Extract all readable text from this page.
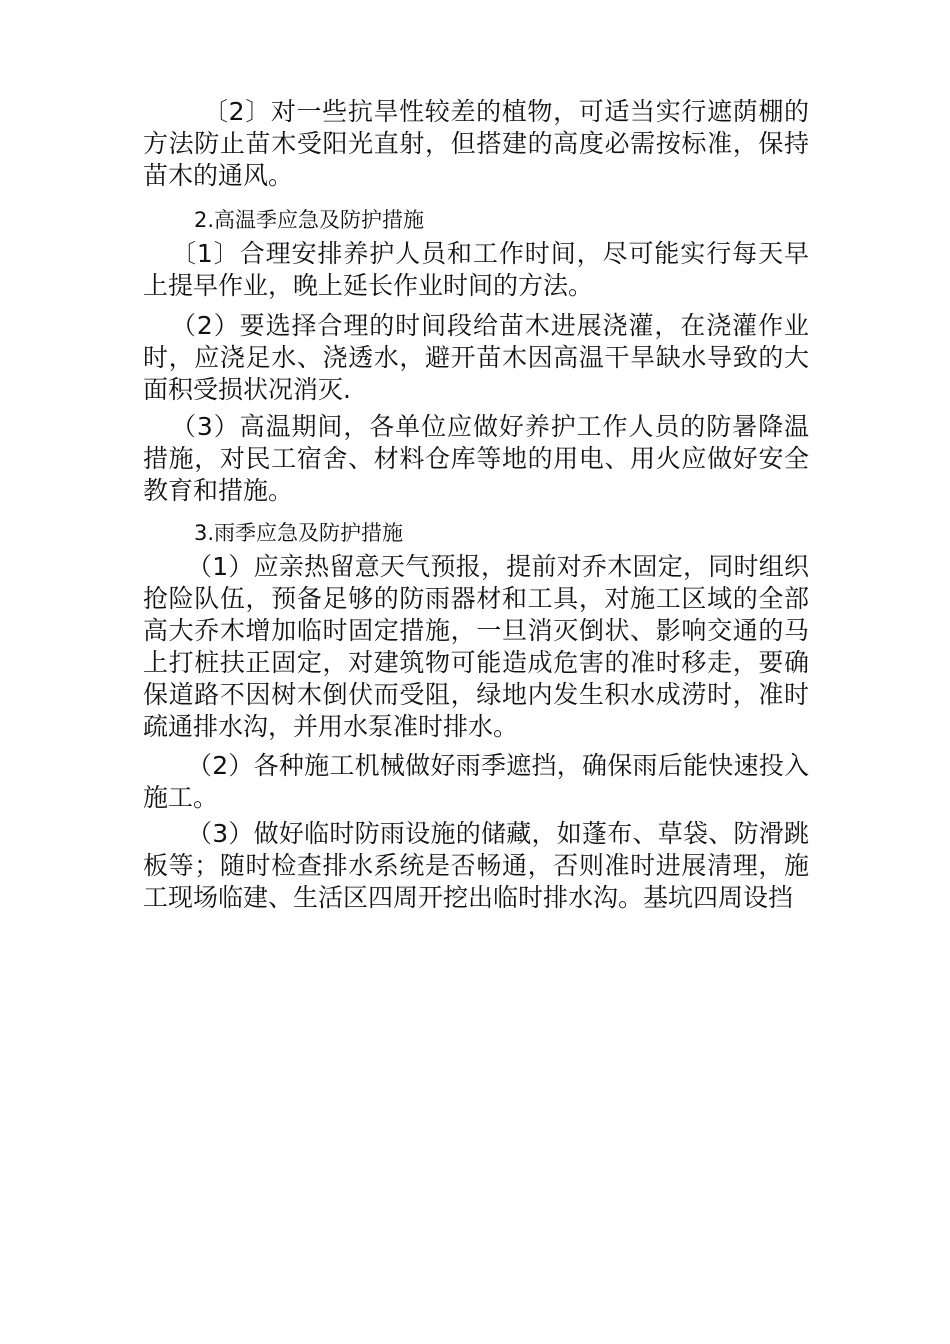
〔2〕对一些抗旱性较差的植物，可适当实行遮荫棚的方法防止苗木受阳光直射，但搭建的高度必需按标准，保持苗木的通风。

2.高温季应急及防护措施

〔1〕合理安排养护人员和工作时间，尽可能实行每天早上提早作业，晚上延长作业时间的方法。

（2）要选择合理的时间段给苗木进展浇灌，在浇灌作业时，应浇足水、浇透水，避开苗木因高温干旱缺水导致的大面积受损状况消灭.

（3）高温期间，各单位应做好养护工作人员的防暑降温措施，对民工宿舍、材料仓库等地的用电、用火应做好安全教育和措施。

3.雨季应急及防护措施

（1）应亲热留意天气预报，提前对乔木固定，同时组织抢险队伍，预备足够的防雨器材和工具，对施工区域的全部高大乔木增加临时固定措施，一旦消灭倒状、影响交通的马上打桩扶正固定，对建筑物可能造成危害的准时移走，要确保道路不因树木倒伏而受阻，绿地内发生积水成涝时，准时疏通排水沟，并用水泵准时排水。

（2）各种施工机械做好雨季遮挡，确保雨后能快速投入施工。

（3）做好临时防雨设施的储藏，如蓬布、草袋、防滑跳板等；随时检查排水系统是否畅通，否则准时进展清理，施工现场临建、生活区四周开挖出临时排水沟。基坑四周设挡
